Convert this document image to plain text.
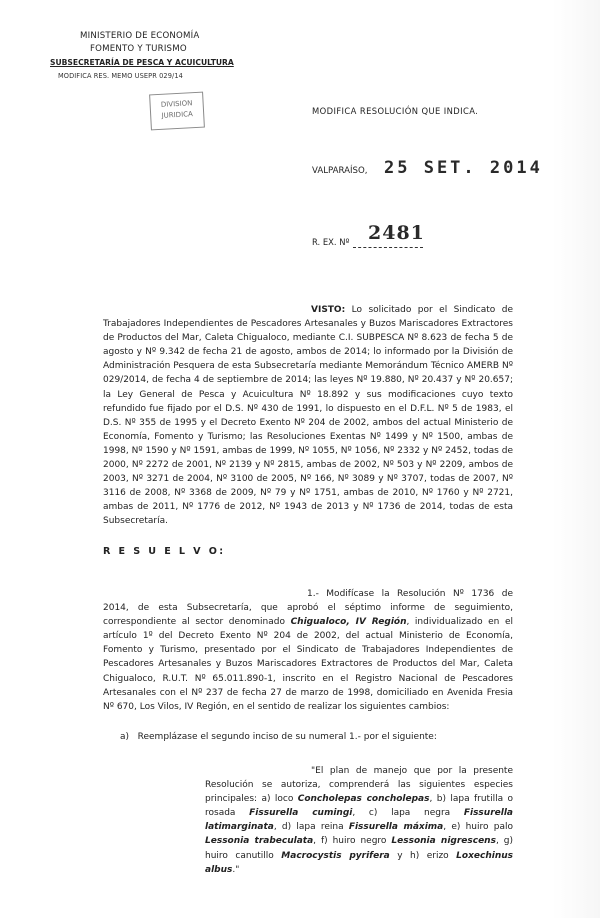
MINISTERIO DE ECONOMÍA
FOMENTO Y TURISMO
SUBSECRETARÍA DE PESCA Y ACUICULTURA
MODIFICA RES. MEMO USEPR 029/14
DIVISION
JURIDICA	MODIFICA RESOLUCIÓN QUE INDICA.
VALPARAÍSO, 25 SET. 2014
R. EX. Nº 2481
VISTO: Lo solicitado por el Sindicato de Trabajadores Independientes de Pescadores Artesanales y Buzos Mariscadores Extractores de Productos del Mar, Caleta Chigualoco, mediante C.I. SUBPESCA Nº 8.623 de fecha 5 de agosto y Nº 9.342 de fecha 21 de agosto, ambos de 2014; lo informado por la División de Administración Pesquera de esta Subsecretaría mediante Memorándum Técnico AMERB Nº 029/2014, de fecha 4 de septiembre de 2014; las leyes Nº 19.880, Nº 20.437 y Nº 20.657; la Ley General de Pesca y Acuicultura Nº 18.892 y sus modificaciones cuyo texto refundido fue fijado por el D.S. Nº 430 de 1991, lo dispuesto en el D.F.L. Nº 5 de 1983, el D.S. Nº 355 de 1995 y el Decreto Exento Nº 204 de 2002, ambos del actual Ministerio de Economía, Fomento y Turismo; las Resoluciones Exentas Nº 1499 y Nº 1500, ambas de 1998, Nº 1590 y Nº 1591, ambas de 1999, Nº 1055, Nº 1056, Nº 2332 y Nº 2452, todas de 2000, Nº 2272 de 2001, Nº 2139 y Nº 2815, ambas de 2002, Nº 503 y Nº 2209, ambos de 2003, Nº 3271 de 2004, Nº 3100 de 2005, Nº 166, Nº 3089 y Nº 3707, todas de 2007, Nº 3116 de 2008, Nº 3368 de 2009, Nº 79 y Nº 1751, ambas de 2010, Nº 1760 y Nº 2721, ambas de 2011, Nº 1776 de 2012, Nº 1943 de 2013 y Nº 1736 de 2014, todas de esta Subsecretaría.
R E S U E L V O:
1.- Modifícase la Resolución Nº 1736 de 2014, de esta Subsecretaría, que aprobó el séptimo informe de seguimiento, correspondiente al sector denominado Chigualoco, IV Región, individualizado en el artículo 1º del Decreto Exento Nº 204 de 2002, del actual Ministerio de Economía, Fomento y Turismo, presentado por el Sindicato de Trabajadores Independientes de Pescadores Artesanales y Buzos Mariscadores Extractores de Productos del Mar, Caleta Chigualoco, R.U.T. Nº 65.011.890-1, inscrito en el Registro Nacional de Pescadores Artesanales con el Nº 237 de fecha 27 de marzo de 1998, domiciliado en Avenida Fresia Nº 670, Los Vilos, IV Región, en el sentido de realizar los siguientes cambios:
a) Reemplázase el segundo inciso de su numeral 1.- por el siguiente:
"El plan de manejo que por la presente Resolución se autoriza, comprenderá las siguientes especies principales: a) loco Concholepas concholepas, b) lapa frutilla o rosada Fissurella cumingi, c) lapa negra Fissurella latimarginata, d) lapa reina Fissurella máxima, e) huiro palo Lessonia trabeculata, f) huiro negro Lessonia nigrescens, g) huiro canutillo Macrocystis pyrifera y h) erizo Loxechinus albus."
